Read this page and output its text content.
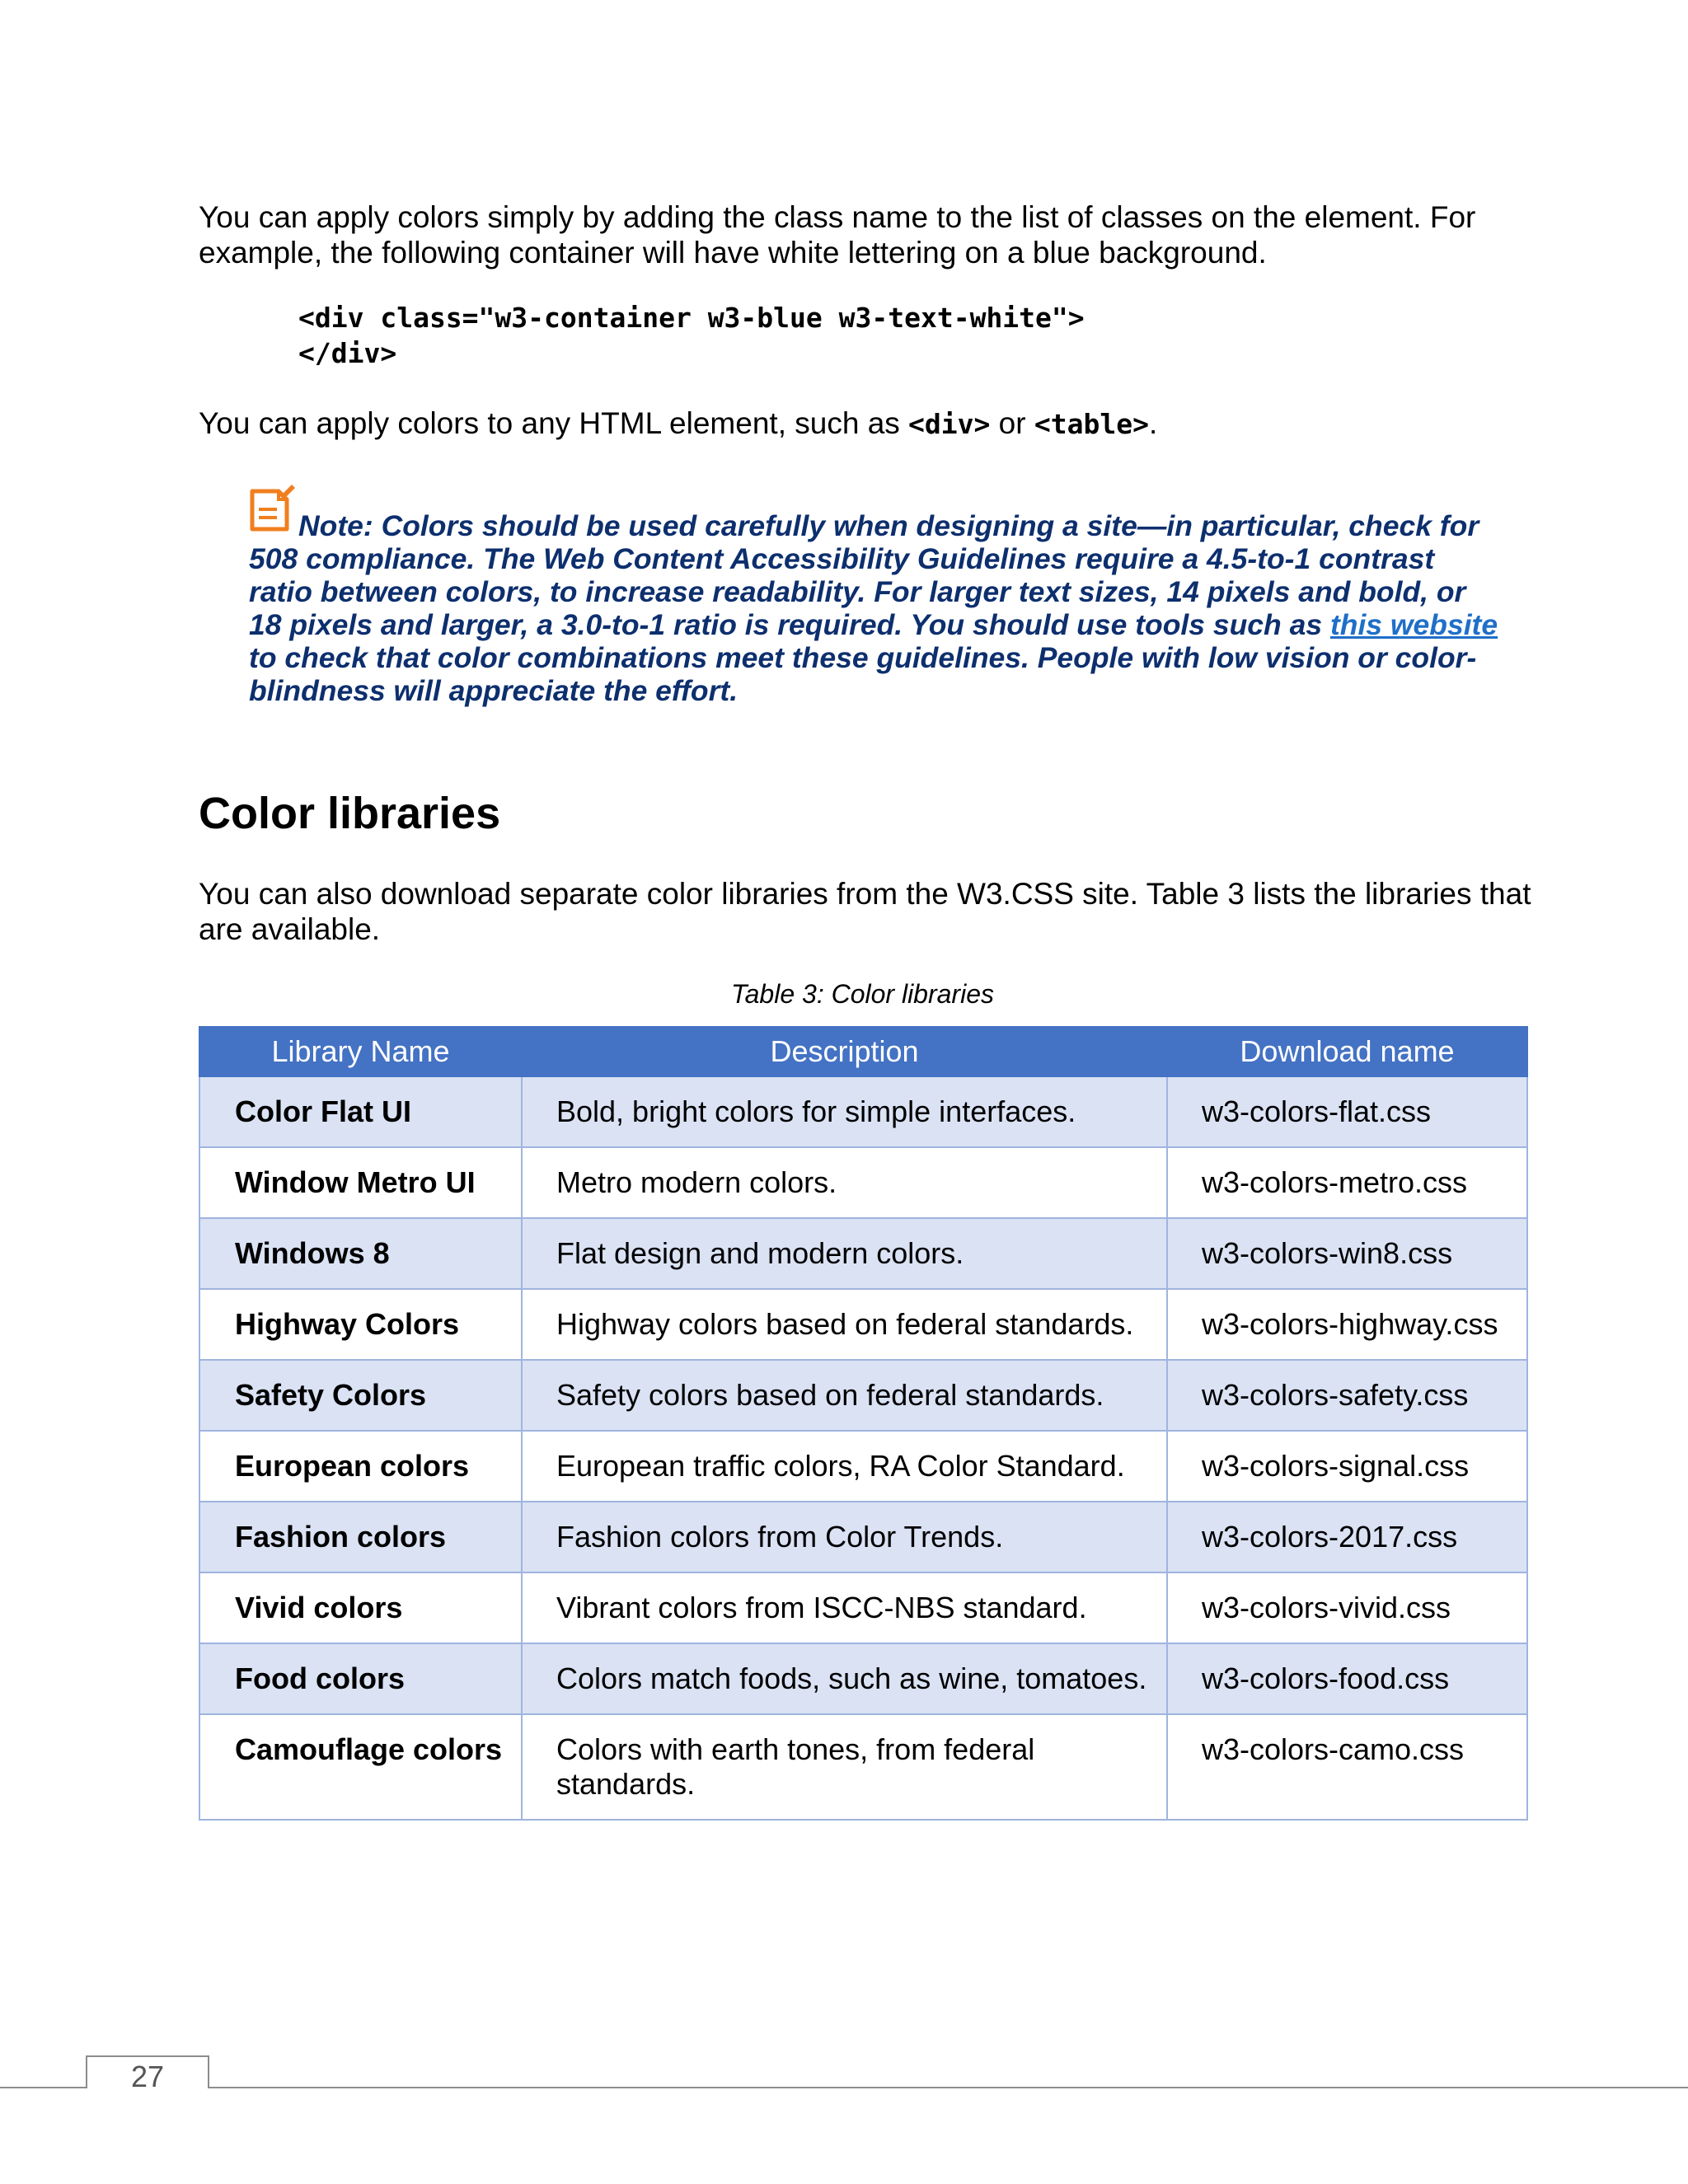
You can apply colors simply by adding the class name to the list of classes on the element. For example, the following container will have white lettering on a blue background.

<div class="w3-container w3-blue w3-text-white">
</div>

You can apply colors to any HTML element, such as <div> or <table>.

Note: Colors should be used carefully when designing a site—in particular, check for 508 compliance. The Web Content Accessibility Guidelines require a 4.5-to-1 contrast ratio between colors, to increase readability. For larger text sizes, 14 pixels and bold, or 18 pixels and larger, a 3.0-to-1 ratio is required. You should use tools such as this website to check that color combinations meet these guidelines. People with low vision or color-blindness will appreciate the effort.

Color libraries

You can also download separate color libraries from the W3.CSS site. Table 3 lists the libraries that are available.

Table 3: Color libraries

Library Name	Description	Download name
Color Flat UI	Bold, bright colors for simple interfaces.	w3-colors-flat.css
Window Metro UI	Metro modern colors.	w3-colors-metro.css
Windows 8	Flat design and modern colors.	w3-colors-win8.css
Highway Colors	Highway colors based on federal standards.	w3-colors-highway.css
Safety Colors	Safety colors based on federal standards.	w3-colors-safety.css
European colors	European traffic colors, RA Color Standard.	w3-colors-signal.css
Fashion colors	Fashion colors from Color Trends.	w3-colors-2017.css
Vivid colors	Vibrant colors from ISCC-NBS standard.	w3-colors-vivid.css
Food colors	Colors match foods, such as wine, tomatoes.	w3-colors-food.css
Camouflage colors	Colors with earth tones, from federal standards.	w3-colors-camo.css
27
